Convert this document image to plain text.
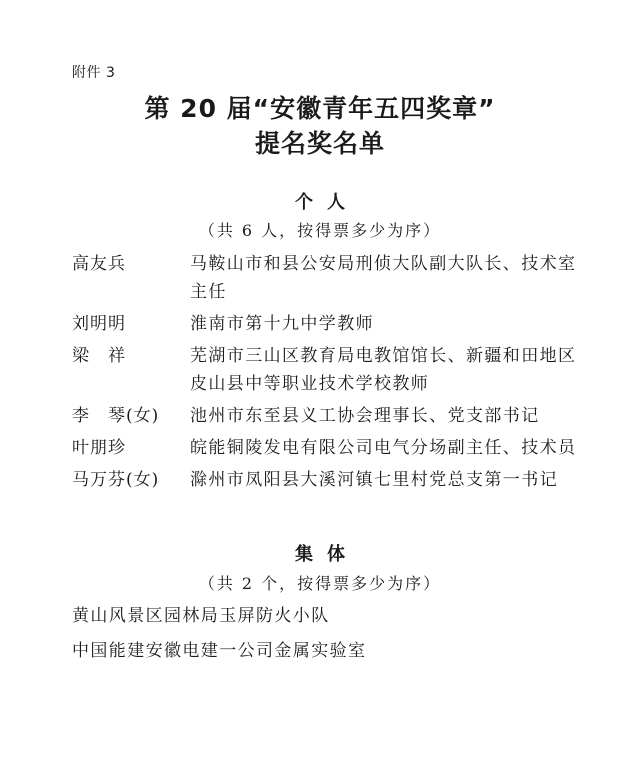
附件 3
第 20 届“安徽青年五四奖章”
提名奖名单
个人
（共 6 人，按得票多少为序）
高友兵	马鞍山市和县公安局刑侦大队副大队长、技术室主任
刘明明	淮南市第十九中学教师
梁　祥	芜湖市三山区教育局电教馆馆长、新疆和田地区皮山县中等职业技术学校教师
李　琴(女)	池州市东至县义工协会理事长、党支部书记
叶朋珍	皖能铜陵发电有限公司电气分场副主任、技术员
马万芬(女)	滁州市凤阳县大溪河镇七里村党总支第一书记
集体
（共 2 个，按得票多少为序）
黄山风景区园林局玉屏防火小队
中国能建安徽电建一公司金属实验室
